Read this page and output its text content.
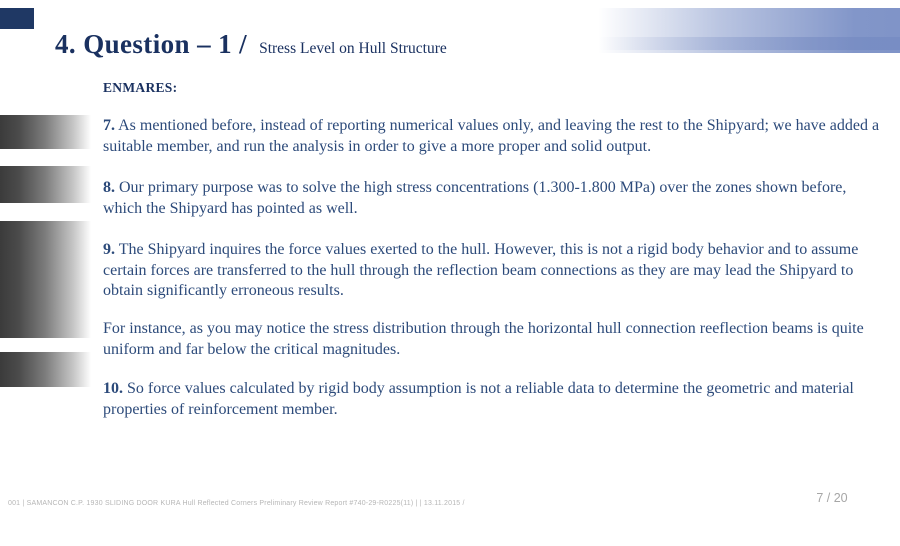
4. Question – 1 / Stress Level on Hull Structure
ENMARES:
7. As mentioned before, instead of reporting numerical values only, and leaving the rest to the Shipyard; we have added a suitable member, and run the analysis in order to give a more proper and solid output.
8. Our primary purpose was to solve the high stress concentrations (1.300-1.800 MPa) over the zones shown before, which the Shipyard has pointed as well.
9. The Shipyard inquires the force values exerted to the hull. However, this is not a rigid body behavior and to assume certain forces are transferred to the hull through the reflection beam connections as they are may lead the Shipyard to obtain significantly erroneous results.
For instance, as you may notice the stress distribution through the horizontal hull connection reeflection beams is quite uniform and far below the critical magnitudes.
10. So force values calculated by rigid body assumption is not a reliable data to determine the geometric and material properties of reinforcement member.
001 | SAMANCON C.P. 1930 SLIDING DOOR KURA Hull Reflected Corners Preliminary Review Report #740-29-R0225(11) | | 13.11.2015 /	7 / 20
